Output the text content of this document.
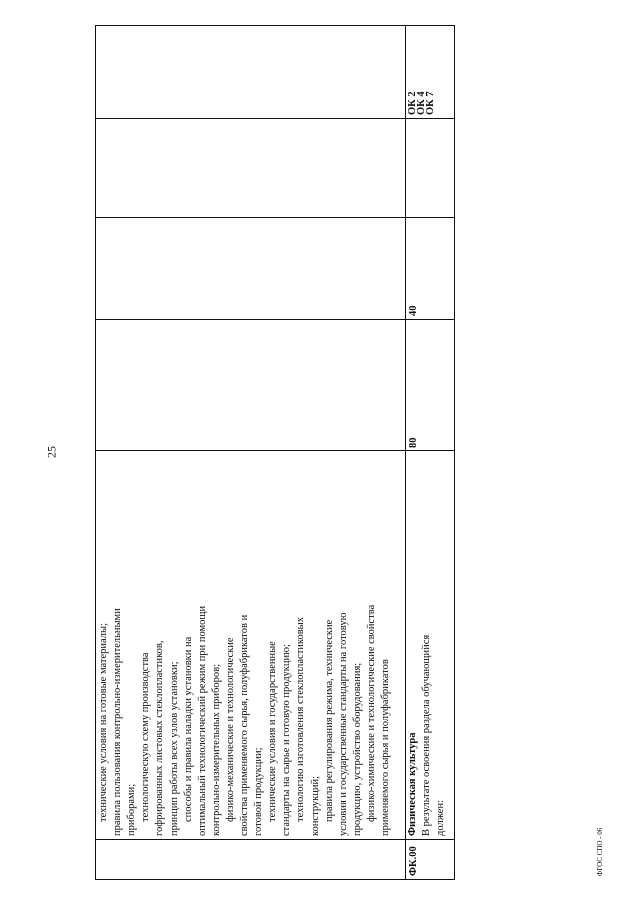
25
ФГОС СПО - 06
ФК.00
80
40
ОК 2
ОК 4
ОК 7
технические условия на готовые материалы; правила пользования контрольно-измерительными приборами; технологическую схему производства гофрированных листовых стеклопластиков, принцип работы всех узлов установки; способы и правила наладки установки на оптимальный технологический режим при помощи контрольно-измерительных приборов; физико-механические и технологические свойства применяемого сырья, полуфабрикатов и готовой продукции; технические условия и государственные стандарты на сырье и готовую продукцию; технологию изготовления стеклопластиковых конструкций; правила регулирования режима, технические условия и государственные стандарты на готовую продукцию, устройство оборудования; физико-химические и технологические свойства применяемого сырья и полуфабрикатов Физическая культура В результате освоения раздела обучающийся должен:
